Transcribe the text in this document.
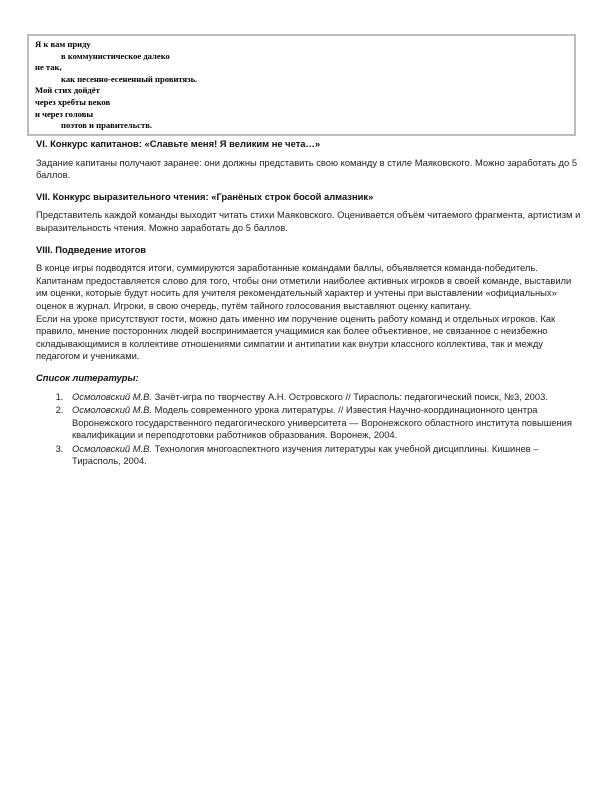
Я к вам приду
в коммунистическое далеко
не так,
как песенно-есененный провитязь.
Мой стих дойдёт
через хребты веков
и через головы
поэтов и правительств.
VI. Конкурс капитанов: «Славьте меня! Я великим не чета…»

Задание капитаны получают заранее: они должны представить свою команду в стиле Маяковского. Можно заработать до 5 баллов.

VII. Конкурс выразительного чтения: «Гранёных строк босой алмазник»

Представитель каждой команды выходит читать стихи Маяковского. Оценивается объём читаемого фрагмента, артистизм и выразительность чтения. Можно заработать до 5 баллов.

VIII. Подведение итогов

В конце игры подводятся итоги, суммируются заработанные командами баллы, объявляется команда-победитель. Капитанам предоставляется слово для того, чтобы они отметили наиболее активных игроков в своей команде, выставили им оценки, которые будут носить для учителя рекомендательный характер и учтены при выставлении «официальных» оценок в журнал. Игроки, в свою очередь, путём тайного голосования выставляют оценку капитану.

Если на уроке присутствуют гости, можно дать именно им поручение оценить работу команд и отдельных игроков. Как правило, мнение посторонних людей воспринимается учащимися как более объективное, не связанное с неизбежно складывающимися в коллективе отношениями симпатии и антипатии как внутри классного коллектива, так и между педагогом и учениками.

Список литературы:

1. Осмоловский М.В. Зачёт-игра по творчеству А.Н. Островского // Тирасполь: педагогический поиск, №3, 2003.
2. Осмоловский М.В. Модель современного урока литературы. // Известия Научно-координационного центра Воронежского государственного педагогического университета — Воронежского областного института повышения квалификации и переподготовки работников образования. Воронеж, 2004.
3. Осмоловский М.В. Технология многоаспектного изучения литературы как учебной дисциплины. Кишинев – Тирасполь, 2004.
